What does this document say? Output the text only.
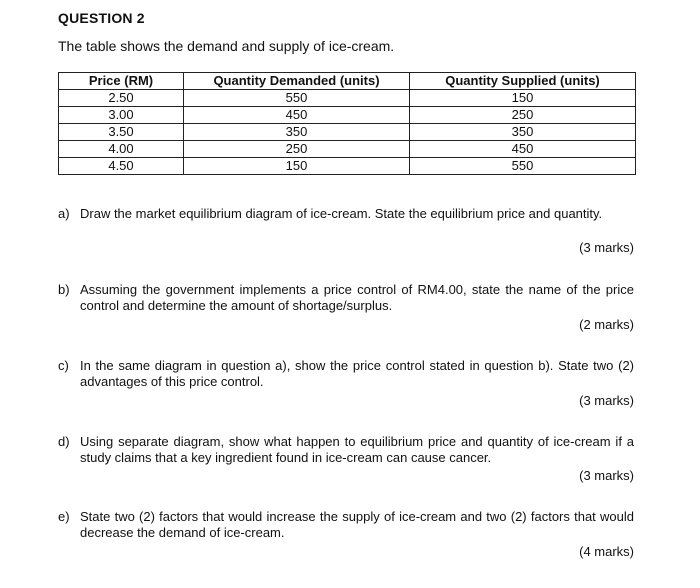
QUESTION 2
The table shows the demand and supply of ice-cream.
Price (RM)	Quantity Demanded (units)	Quantity Supplied (units)
2.50	550	150
3.00	450	250
3.50	350	350
4.00	250	450
4.50	150	550
a) Draw the market equilibrium diagram of ice-cream. State the equilibrium price and quantity.
(3 marks)
b) Assuming the government implements a price control of RM4.00, state the name of the price control and determine the amount of shortage/surplus.
(2 marks)
c) In the same diagram in question a), show the price control stated in question b). State two (2) advantages of this price control.
(3 marks)
d) Using separate diagram, show what happen to equilibrium price and quantity of ice-cream if a study claims that a key ingredient found in ice-cream can cause cancer.
(3 marks)
e) State two (2) factors that would increase the supply of ice-cream and two (2) factors that would decrease the demand of ice-cream.
(4 marks)
